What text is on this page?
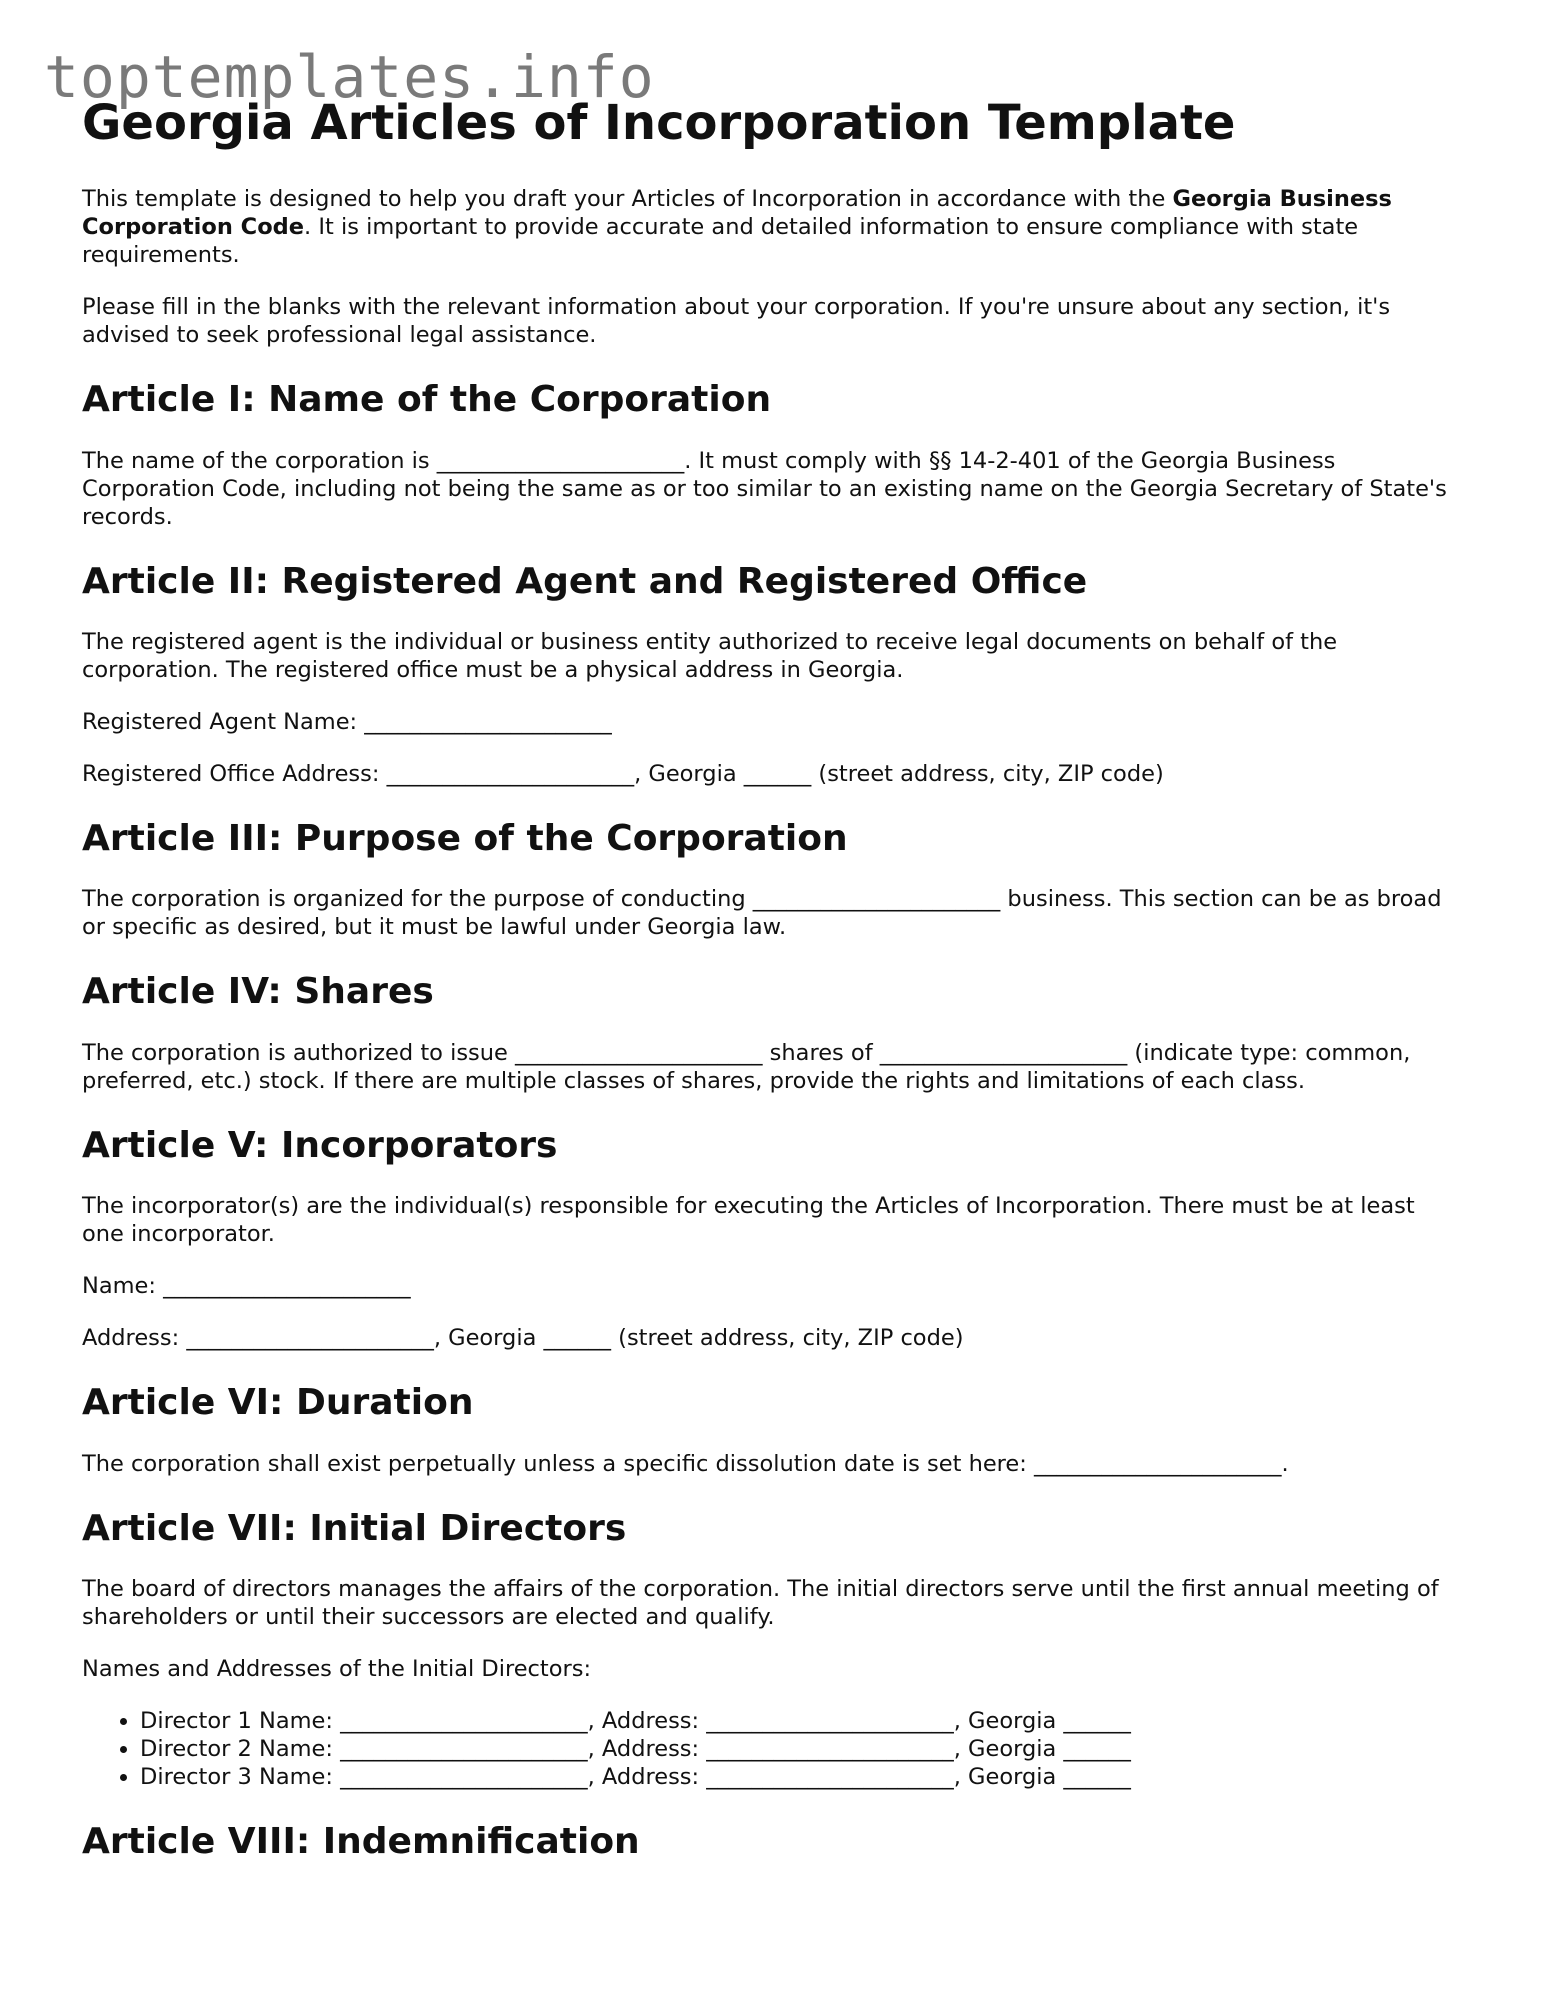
toptemplates.info
Georgia Articles of Incorporation Template

This template is designed to help you draft your Articles of Incorporation in accordance with the Georgia Business Corporation Code. It is important to provide accurate and detailed information to ensure compliance with state requirements.

Please fill in the blanks with the relevant information about your corporation. If you're unsure about any section, it's advised to seek professional legal assistance.

Article I: Name of the Corporation

The name of the corporation is ______________________. It must comply with §§ 14-2-401 of the Georgia Business Corporation Code, including not being the same as or too similar to an existing name on the Georgia Secretary of State's records.

Article II: Registered Agent and Registered Office

The registered agent is the individual or business entity authorized to receive legal documents on behalf of the corporation. The registered office must be a physical address in Georgia.

Registered Agent Name: ______________________

Registered Office Address: ______________________, Georgia ______ (street address, city, ZIP code)

Article III: Purpose of the Corporation

The corporation is organized for the purpose of conducting ______________________ business. This section can be as broad or specific as desired, but it must be lawful under Georgia law.

Article IV: Shares

The corporation is authorized to issue ______________________ shares of ______________________ (indicate type: common, preferred, etc.) stock. If there are multiple classes of shares, provide the rights and limitations of each class.

Article V: Incorporators

The incorporator(s) are the individual(s) responsible for executing the Articles of Incorporation. There must be at least one incorporator.

Name: ______________________

Address: ______________________, Georgia ______ (street address, city, ZIP code)

Article VI: Duration

The corporation shall exist perpetually unless a specific dissolution date is set here: ______________________.

Article VII: Initial Directors

The board of directors manages the affairs of the corporation. The initial directors serve until the first annual meeting of shareholders or until their successors are elected and qualify.

Names and Addresses of the Initial Directors:

• Director 1 Name: ______________________, Address: ______________________, Georgia ______
• Director 2 Name: ______________________, Address: ______________________, Georgia ______
• Director 3 Name: ______________________, Address: ______________________, Georgia ______
Article VIII: Indemnification
